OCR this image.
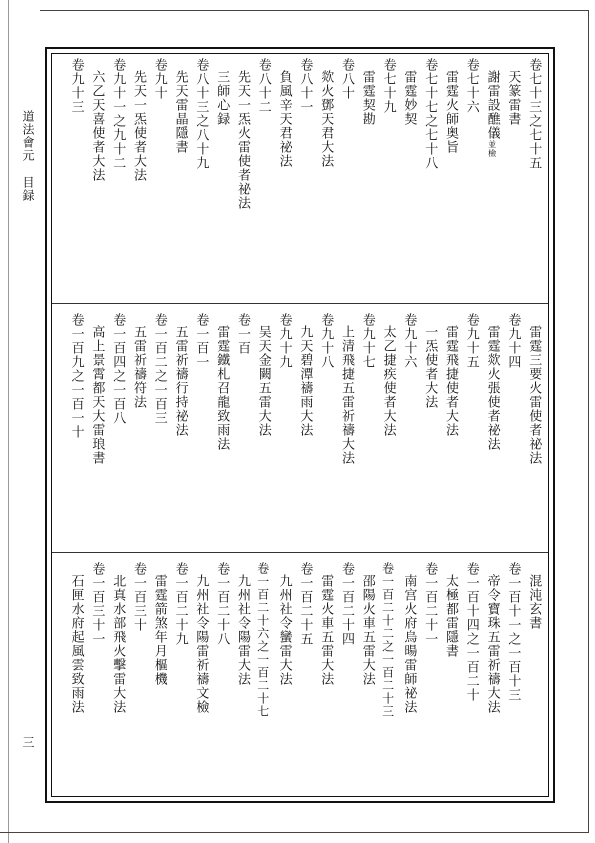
道法會元目録
三
卷七十三之七十五
天篆雷書
謝雷設醮儀並檢
卷七十六
雷霆火師奥旨
卷七十七之七十八
雷霆妙契
卷七十九
雷霆契勘
卷八十
欻火鄧天君大法
卷八十一
負風辛天君祕法
卷八十二
先天一炁火雷使者祕法
三師心録
卷八十三之八十九
先天雷晶隱書
卷九十
先天一炁使者大法
卷九十一之九十二
六乙天喜使者大法
卷九十三
雷霆三要火雷使者祕法
卷九十四
雷霆欻火張使者祕法
卷九十五
雷霆飛捷使者大法
一炁使者大法
卷九十六
太乙捷疾使者大法
卷九十七
上清飛捷五雷祈禱大法
卷九十八
九天碧潭禱雨大法
卷九十九
吴天金闕五雷大法
卷一百
雷霆鐵札召龍致雨法
卷一百一
五雷祈禱行持祕法
卷一百二之一百三
五雷祈禱符法
卷一百四之一百八
高上景霄都天大雷琅書
卷一百九之一百一十
混沌玄書
卷一百十一之一百十三
帝令寶珠五雷祈禱大法
卷一百十四之一百二十
太極都雷隱書
卷一百二十一
南宫火府烏暘雷師祕法
卷一百二十二之一百二十三
邵陽火車五雷大法
卷一百二十四
雷霆火車五雷大法
卷一百二十五
九州社令蠻雷大法
卷一百二十六之一百二十七
九州社令陽雷大法
卷一百二十八
九州社令陽雷祈禱文檢
卷一百二十九
雷霆箭煞年月樞機
卷一百三十
北真水部飛火擊雷大法
卷一百三十一
石匣水府起風雲致雨法
